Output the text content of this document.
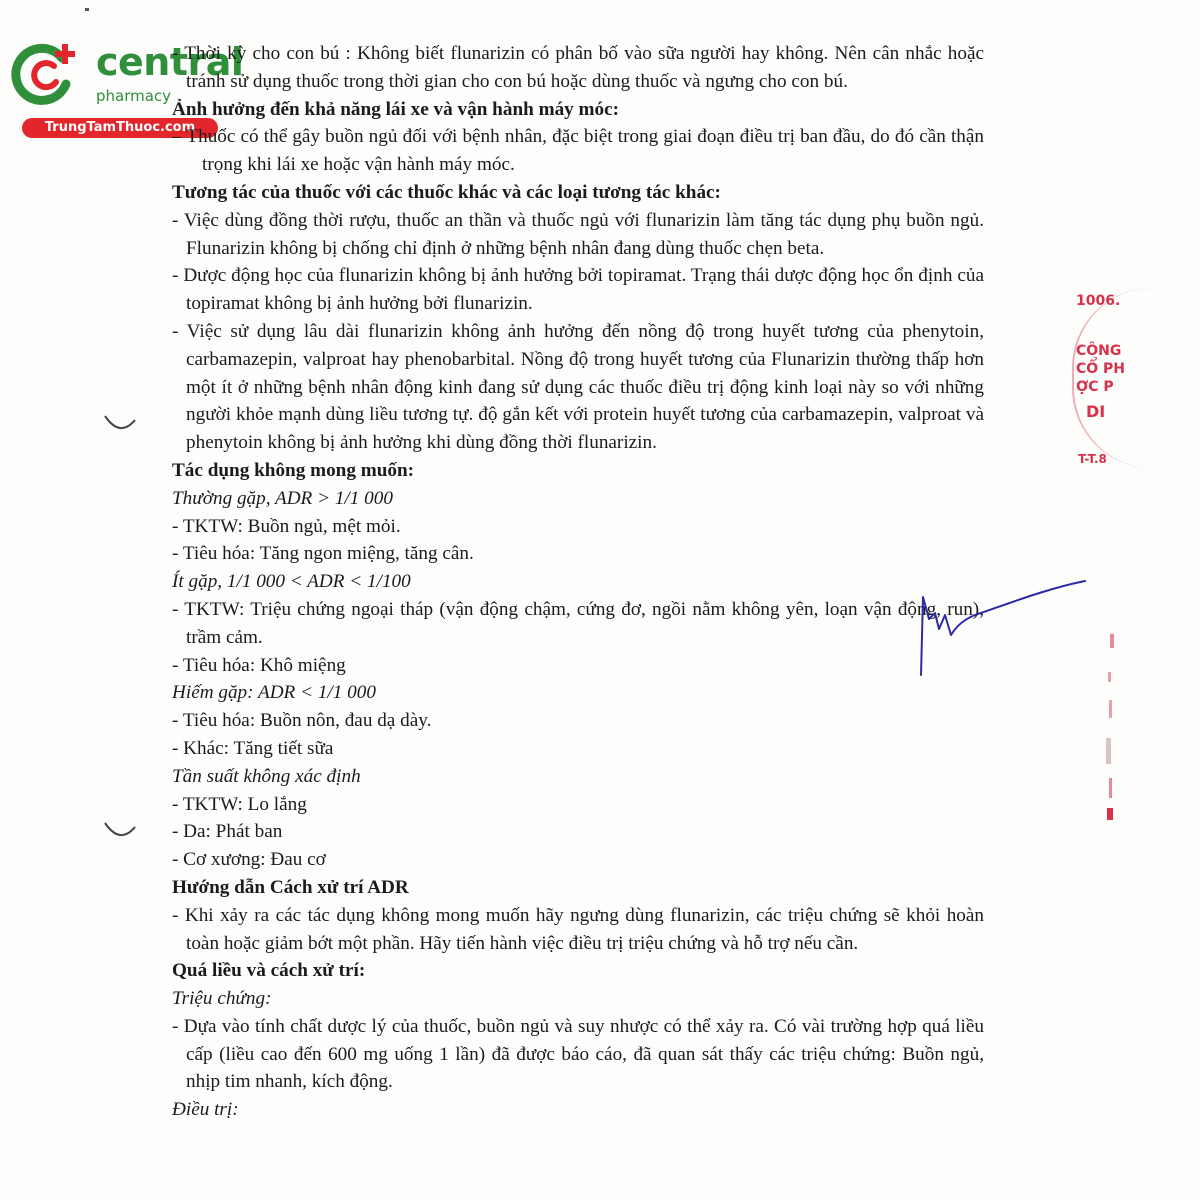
central
pharmacy
TrungTamThuoc.com
- Thời kỳ cho con bú : Không biết flunarizin có phân bố vào sữa người hay không. Nên cân nhắc hoặc tránh sử dụng thuốc trong thời gian cho con bú hoặc dùng thuốc và ngưng cho con bú.
Ảnh hưởng đến khả năng lái xe và vận hành máy móc:
– Thuốc có thể gây buồn ngủ đối với bệnh nhân, đặc biệt trong giai đoạn điều trị ban đầu, do đó cần thận trọng khi lái xe hoặc vận hành máy móc.
Tương tác của thuốc với các thuốc khác và các loại tương tác khác:
- Việc dùng đồng thời rượu, thuốc an thần và thuốc ngủ với flunarizin làm tăng tác dụng phụ buồn ngủ. Flunarizin không bị chống chỉ định ở những bệnh nhân đang dùng thuốc chẹn beta.
- Dược động học của flunarizin không bị ảnh hưởng bởi topiramat. Trạng thái dược động học ổn định của topiramat không bị ảnh hưởng bởi flunarizin.
- Việc sử dụng lâu dài flunarizin không ảnh hưởng đến nồng độ trong huyết tương của phenytoin, carbamazepin, valproat hay phenobarbital. Nồng độ trong huyết tương của Flunarizin thường thấp hơn một ít ở những bệnh nhân động kinh đang sử dụng các thuốc điều trị động kinh loại này so với những người khỏe mạnh dùng liều tương tự. độ gắn kết với protein huyết tương của carbamazepin, valproat và phenytoin không bị ảnh hưởng khi dùng đồng thời flunarizin.
Tác dụng không mong muốn:
Thường gặp, ADR > 1/1 000
- TKTW: Buồn ngủ, mệt mỏi.
- Tiêu hóa: Tăng ngon miệng, tăng cân.
Ít gặp, 1/1 000 < ADR < 1/100
- TKTW: Triệu chứng ngoại tháp (vận động chậm, cứng đơ, ngồi nằm không yên, loạn vận động, run), trầm cảm.
- Tiêu hóa: Khô miệng
Hiếm gặp: ADR < 1/1 000
- Tiêu hóa: Buồn nôn, đau dạ dày.
- Khác: Tăng tiết sữa
Tần suất không xác định
- TKTW: Lo lắng
- Da: Phát ban
- Cơ xương: Đau cơ
Hướng dẫn Cách xử trí ADR
- Khi xảy ra các tác dụng không mong muốn hãy ngưng dùng flunarizin, các triệu chứng sẽ khỏi hoàn toàn hoặc giảm bớt một phần. Hãy tiến hành việc điều trị triệu chứng và hỗ trợ nếu cần.
Quá liều và cách xử trí:
Triệu chứng:
- Dựa vào tính chất dược lý của thuốc, buồn ngủ và suy nhược có thể xảy ra. Có vài trường hợp quá liều cấp (liều cao đến 600 mg uống 1 lần) đã được báo cáo, đã quan sát thấy các triệu chứng: Buồn ngủ, nhịp tim nhanh, kích động.
Điều trị:
1006.
CÔNG
CỔ PH
ỢC P
DI
T-T.8
